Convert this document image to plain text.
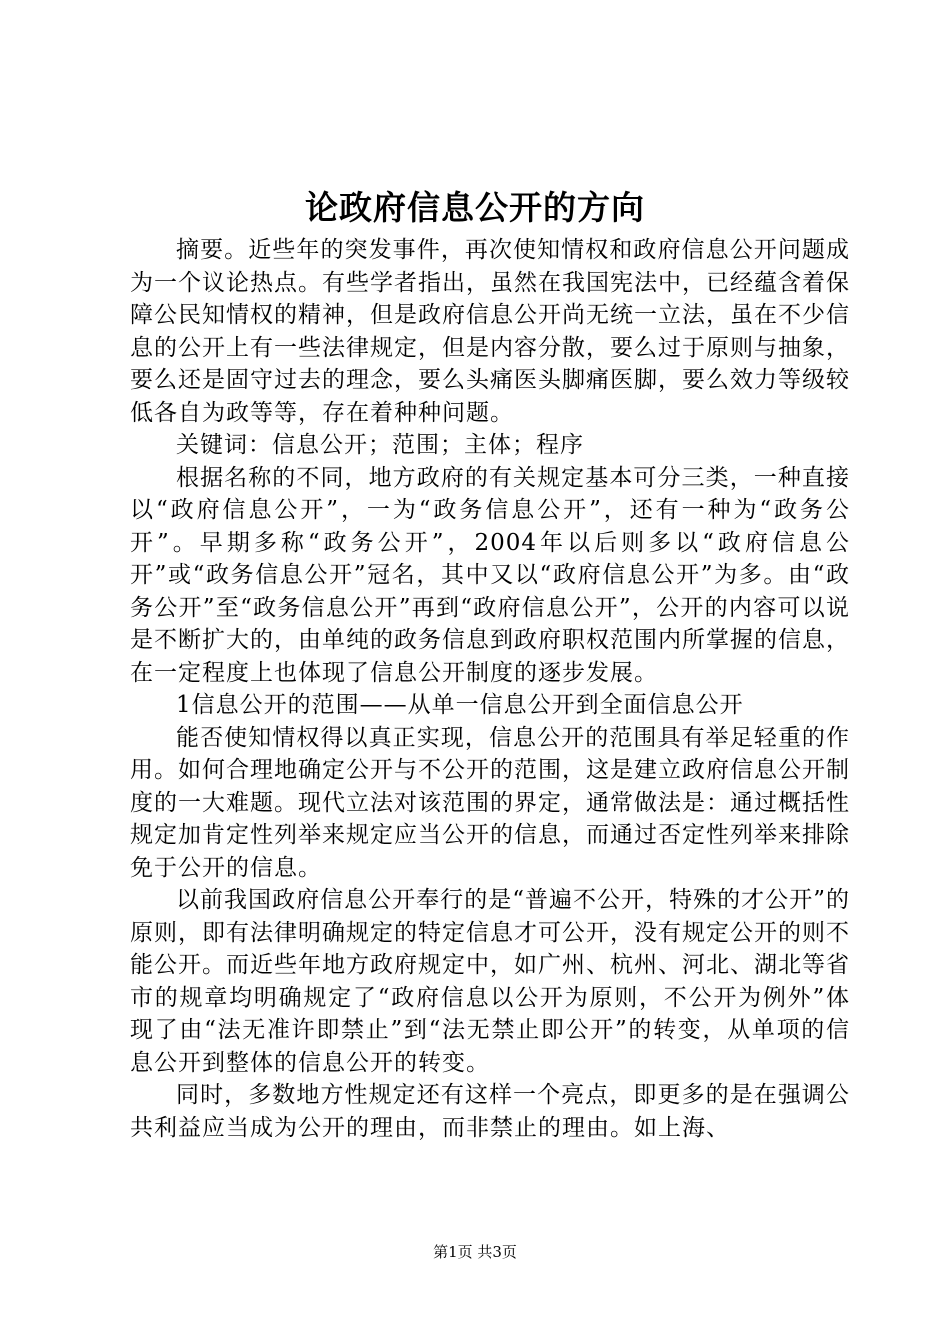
论政府信息公开的方向

摘要。近些年的突发事件，再次使知情权和政府信息公开问题成为一个议论热点。有些学者指出，虽然在我国宪法中，已经蕴含着保障公民知情权的精神，但是政府信息公开尚无统一立法，虽在不少信息的公开上有一些法律规定，但是内容分散，要么过于原则与抽象，要么还是固守过去的理念，要么头痛医头脚痛医脚，要么效力等级较低各自为政等等，存在着种种问题。

关键词：信息公开；范围；主体；程序

根据名称的不同，地方政府的有关规定基本可分三类，一种直接以“政府信息公开”，一为“政务信息公开”，还有一种为“政务公开”。早期多称“政务公开”，2004年以后则多以“政府信息公开”或“政务信息公开”冠名，其中又以“政府信息公开”为多。由“政务公开”至“政务信息公开”再到“政府信息公开”，公开的内容可以说是不断扩大的，由单纯的政务信息到政府职权范围内所掌握的信息，在一定程度上也体现了信息公开制度的逐步发展。

1信息公开的范围——从单一信息公开到全面信息公开

能否使知情权得以真正实现，信息公开的范围具有举足轻重的作用。如何合理地确定公开与不公开的范围，这是建立政府信息公开制度的一大难题。现代立法对该范围的界定，通常做法是：通过概括性规定加肯定性列举来规定应当公开的信息，而通过否定性列举来排除免于公开的信息。

以前我国政府信息公开奉行的是“普遍不公开，特殊的才公开”的原则，即有法律明确规定的特定信息才可公开，没有规定公开的则不能公开。而近些年地方政府规定中，如广州、杭州、河北、湖北等省市的规章均明确规定了“政府信息以公开为原则，不公开为例外”体现了由“法无准许即禁止”到“法无禁止即公开”的转变，从单项的信息公开到整体的信息公开的转变。

同时，多数地方性规定还有这样一个亮点，即更多的是在强调公共利益应当成为公开的理由，而非禁止的理由。如上海、

第1页 共3页
